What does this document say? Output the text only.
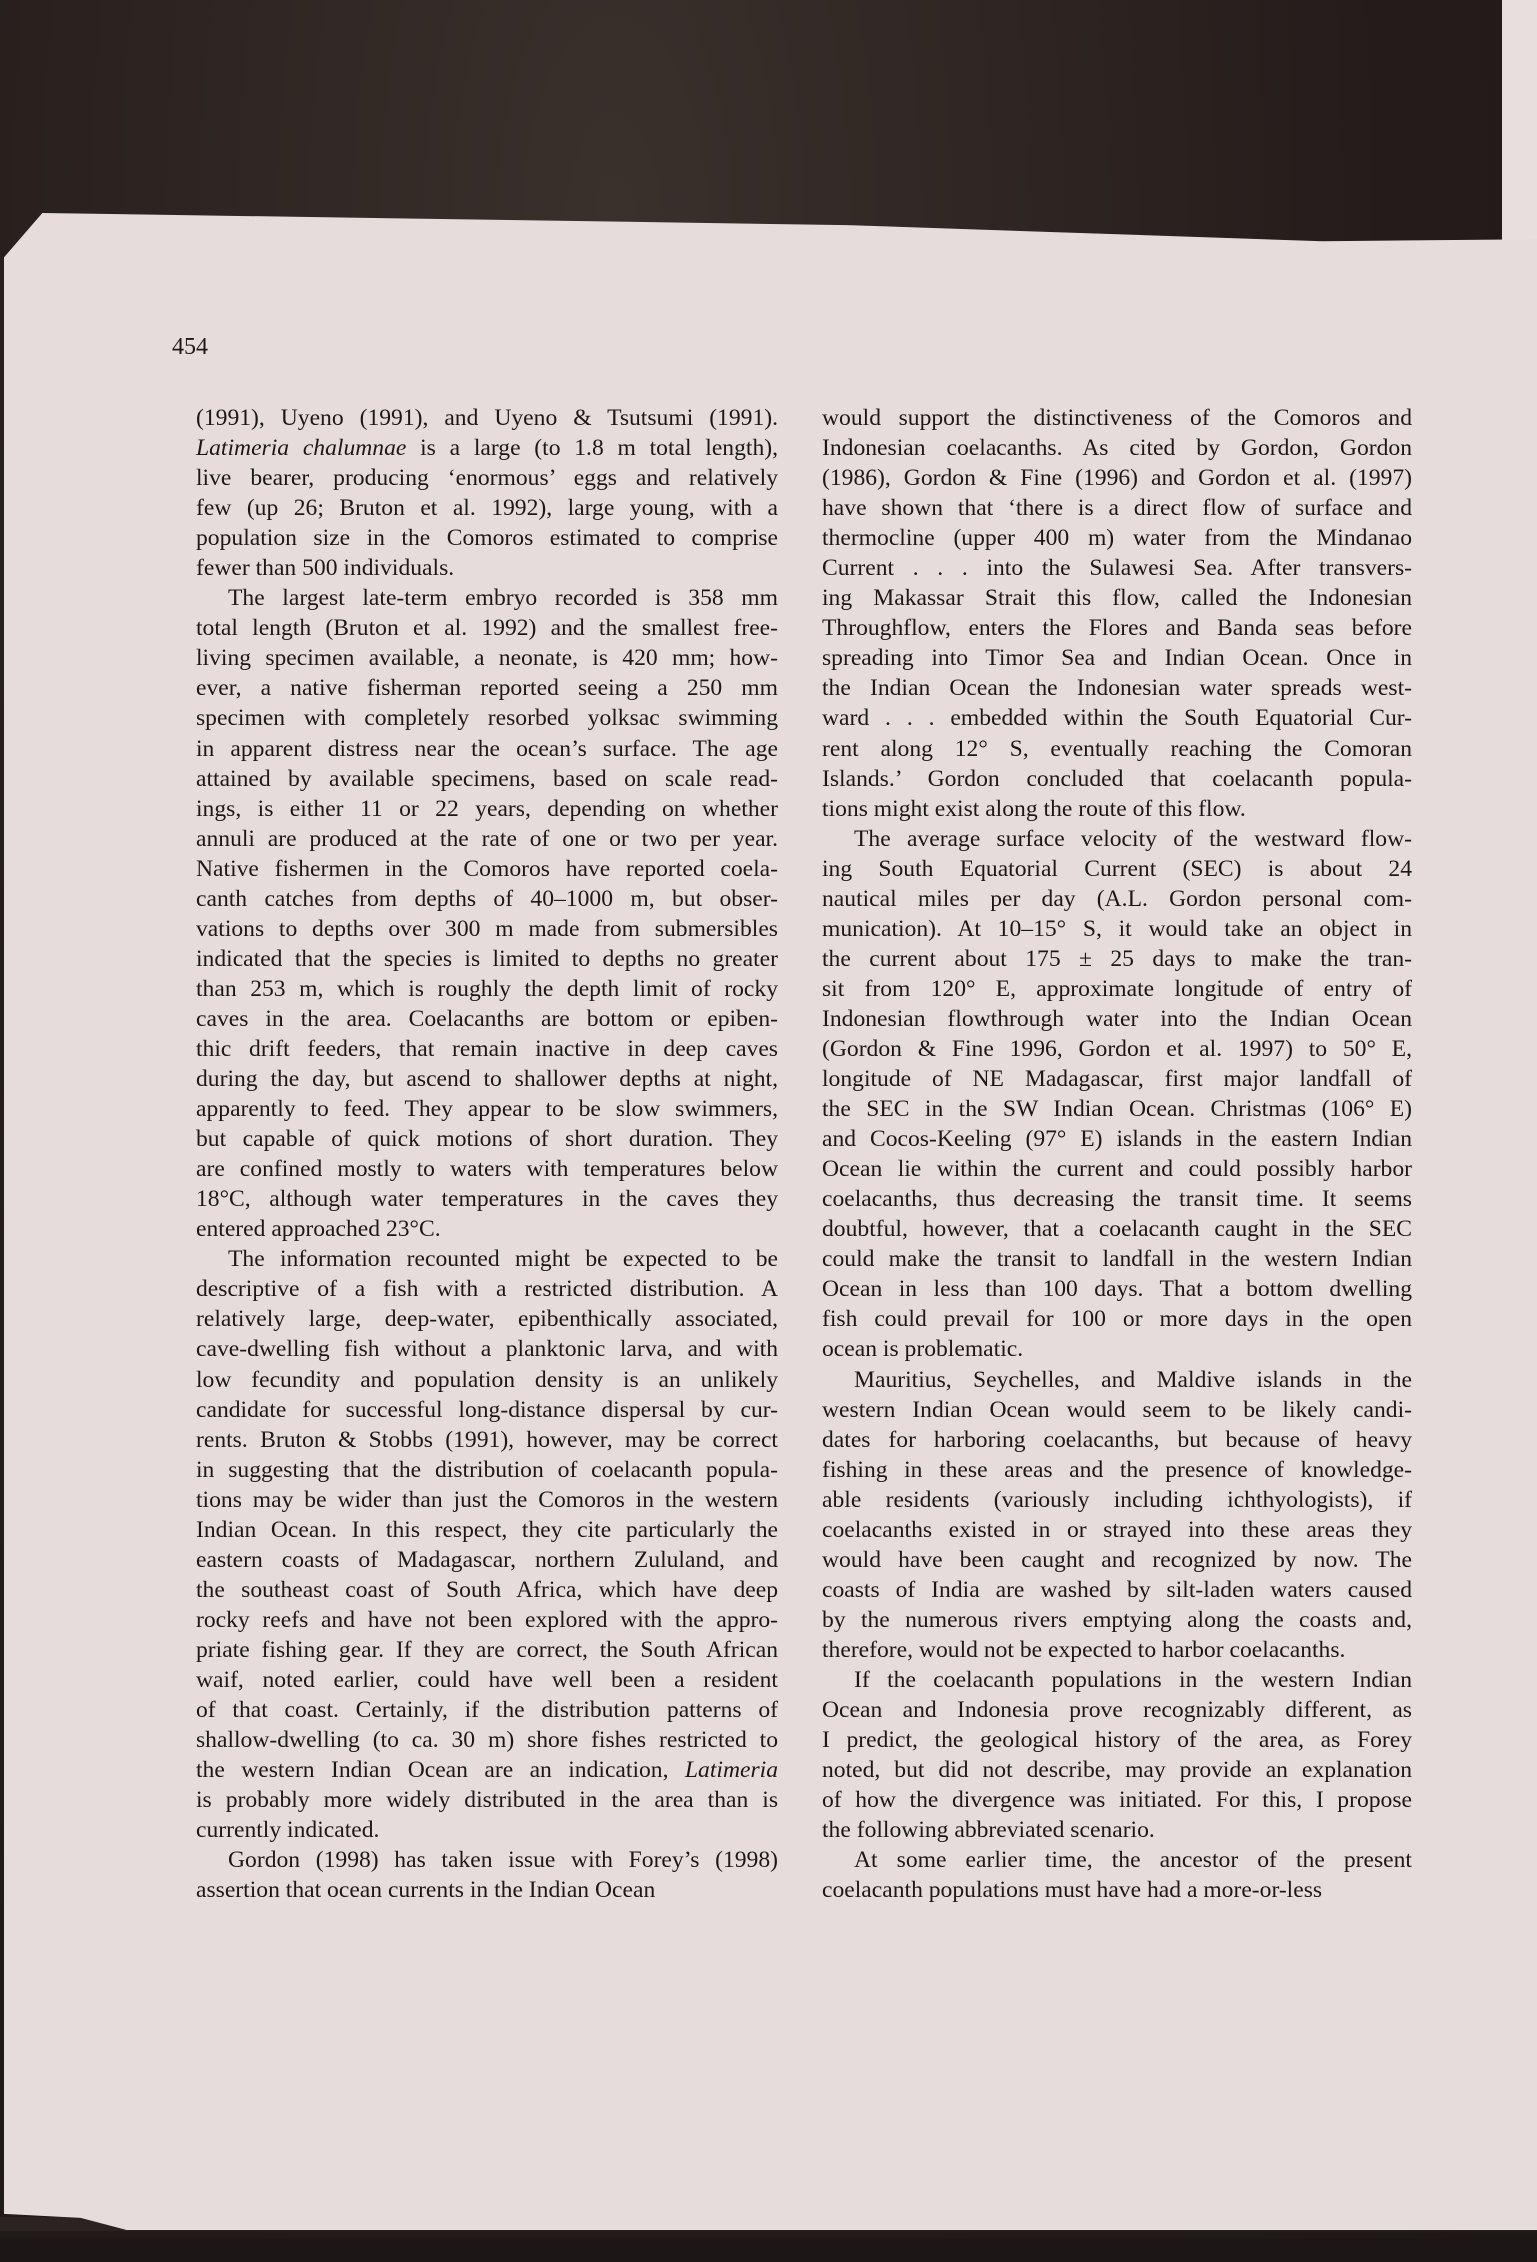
454

(1991), Uyeno (1991), and Uyeno & Tsutsumi (1991).
Latimeria chalumnae is a large (to 1.8 m total length),
live bearer, producing ‘enormous’ eggs and relatively
few (up 26; Bruton et al. 1992), large young, with a
population size in the Comoros estimated to comprise
fewer than 500 individuals.

The largest late-term embryo recorded is 358 mm
total length (Bruton et al. 1992) and the smallest free-
living specimen available, a neonate, is 420 mm; how-
ever, a native fisherman reported seeing a 250 mm
specimen with completely resorbed yolksac swimming
in apparent distress near the ocean’s surface. The age
attained by available specimens, based on scale read-
ings, is either 11 or 22 years, depending on whether
annuli are produced at the rate of one or two per year.
Native fishermen in the Comoros have reported coela-
canth catches from depths of 40–1000 m, but obser-
vations to depths over 300 m made from submersibles
indicated that the species is limited to depths no greater
than 253 m, which is roughly the depth limit of rocky
caves in the area. Coelacanths are bottom or epiben-
thic drift feeders, that remain inactive in deep caves
during the day, but ascend to shallower depths at night,
apparently to feed. They appear to be slow swimmers,
but capable of quick motions of short duration. They
are confined mostly to waters with temperatures below
18°C, although water temperatures in the caves they
entered approached 23°C.

The information recounted might be expected to be
descriptive of a fish with a restricted distribution. A
relatively large, deep-water, epibenthically associated,
cave-dwelling fish without a planktonic larva, and with
low fecundity and population density is an unlikely
candidate for successful long-distance dispersal by cur-
rents. Bruton & Stobbs (1991), however, may be correct
in suggesting that the distribution of coelacanth popula-
tions may be wider than just the Comoros in the western
Indian Ocean. In this respect, they cite particularly the
eastern coasts of Madagascar, northern Zululand, and
the southeast coast of South Africa, which have deep
rocky reefs and have not been explored with the appro-
priate fishing gear. If they are correct, the South African
waif, noted earlier, could have well been a resident
of that coast. Certainly, if the distribution patterns of
shallow-dwelling (to ca. 30 m) shore fishes restricted to
the western Indian Ocean are an indication, Latimeria
is probably more widely distributed in the area than is
currently indicated.

Gordon (1998) has taken issue with Forey’s (1998)
assertion that ocean currents in the Indian Ocean

would support the distinctiveness of the Comoros and
Indonesian coelacanths. As cited by Gordon, Gordon
(1986), Gordon & Fine (1996) and Gordon et al. (1997)
have shown that ‘there is a direct flow of surface and
thermocline (upper 400 m) water from the Mindanao
Current . . . into the Sulawesi Sea. After transvers-
ing Makassar Strait this flow, called the Indonesian
Throughflow, enters the Flores and Banda seas before
spreading into Timor Sea and Indian Ocean. Once in
the Indian Ocean the Indonesian water spreads west-
ward . . . embedded within the South Equatorial Cur-
rent along 12° S, eventually reaching the Comoran
Islands.’ Gordon concluded that coelacanth popula-
tions might exist along the route of this flow.

The average surface velocity of the westward flow-
ing South Equatorial Current (SEC) is about 24
nautical miles per day (A.L. Gordon personal com-
munication). At 10–15° S, it would take an object in
the current about 175 ± 25 days to make the tran-
sit from 120° E, approximate longitude of entry of
Indonesian flowthrough water into the Indian Ocean
(Gordon & Fine 1996, Gordon et al. 1997) to 50° E,
longitude of NE Madagascar, first major landfall of
the SEC in the SW Indian Ocean. Christmas (106° E)
and Cocos-Keeling (97° E) islands in the eastern Indian
Ocean lie within the current and could possibly harbor
coelacanths, thus decreasing the transit time. It seems
doubtful, however, that a coelacanth caught in the SEC
could make the transit to landfall in the western Indian
Ocean in less than 100 days. That a bottom dwelling
fish could prevail for 100 or more days in the open
ocean is problematic.

Mauritius, Seychelles, and Maldive islands in the
western Indian Ocean would seem to be likely candi-
dates for harboring coelacanths, but because of heavy
fishing in these areas and the presence of knowledge-
able residents (variously including ichthyologists), if
coelacanths existed in or strayed into these areas they
would have been caught and recognized by now. The
coasts of India are washed by silt-laden waters caused
by the numerous rivers emptying along the coasts and,
therefore, would not be expected to harbor coelacanths.

If the coelacanth populations in the western Indian
Ocean and Indonesia prove recognizably different, as
I predict, the geological history of the area, as Forey
noted, but did not describe, may provide an explanation
of how the divergence was initiated. For this, I propose
the following abbreviated scenario.

At some earlier time, the ancestor of the present
coelacanth populations must have had a more-or-less
